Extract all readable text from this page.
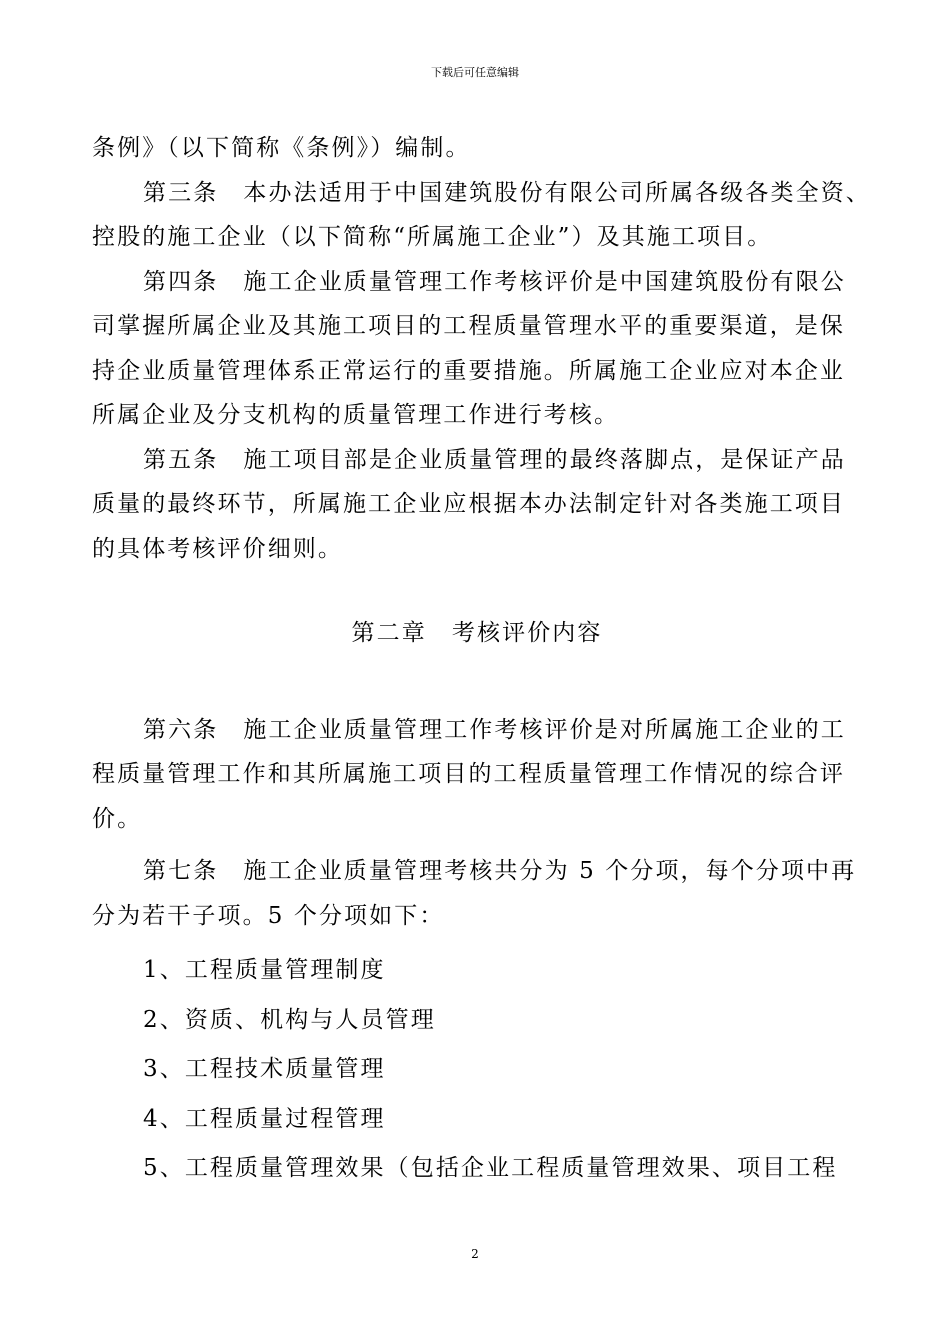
下载后可任意编辑
条例》（以下简称《条例》）编制。
第三条　本办法适用于中国建筑股份有限公司所属各级各类全资、
控股的施工企业（以下简称“所属施工企业”）及其施工项目。
第四条　施工企业质量管理工作考核评价是中国建筑股份有限公
司掌握所属企业及其施工项目的工程质量管理水平的重要渠道，是保
持企业质量管理体系正常运行的重要措施。所属施工企业应对本企业
所属企业及分支机构的质量管理工作进行考核。
第五条　施工项目部是企业质量管理的最终落脚点，是保证产品
质量的最终环节，所属施工企业应根据本办法制定针对各类施工项目
的具体考核评价细则。
第二章　考核评价内容
第六条　施工企业质量管理工作考核评价是对所属施工企业的工
程质量管理工作和其所属施工项目的工程质量管理工作情况的综合评
价。
第七条　施工企业质量管理考核共分为 5 个分项，每个分项中再
分为若干子项。5 个分项如下：
1、工程质量管理制度
2、资质、机构与人员管理
3、工程技术质量管理
4、工程质量过程管理
5、工程质量管理效果（包括企业工程质量管理效果、项目工程
2
